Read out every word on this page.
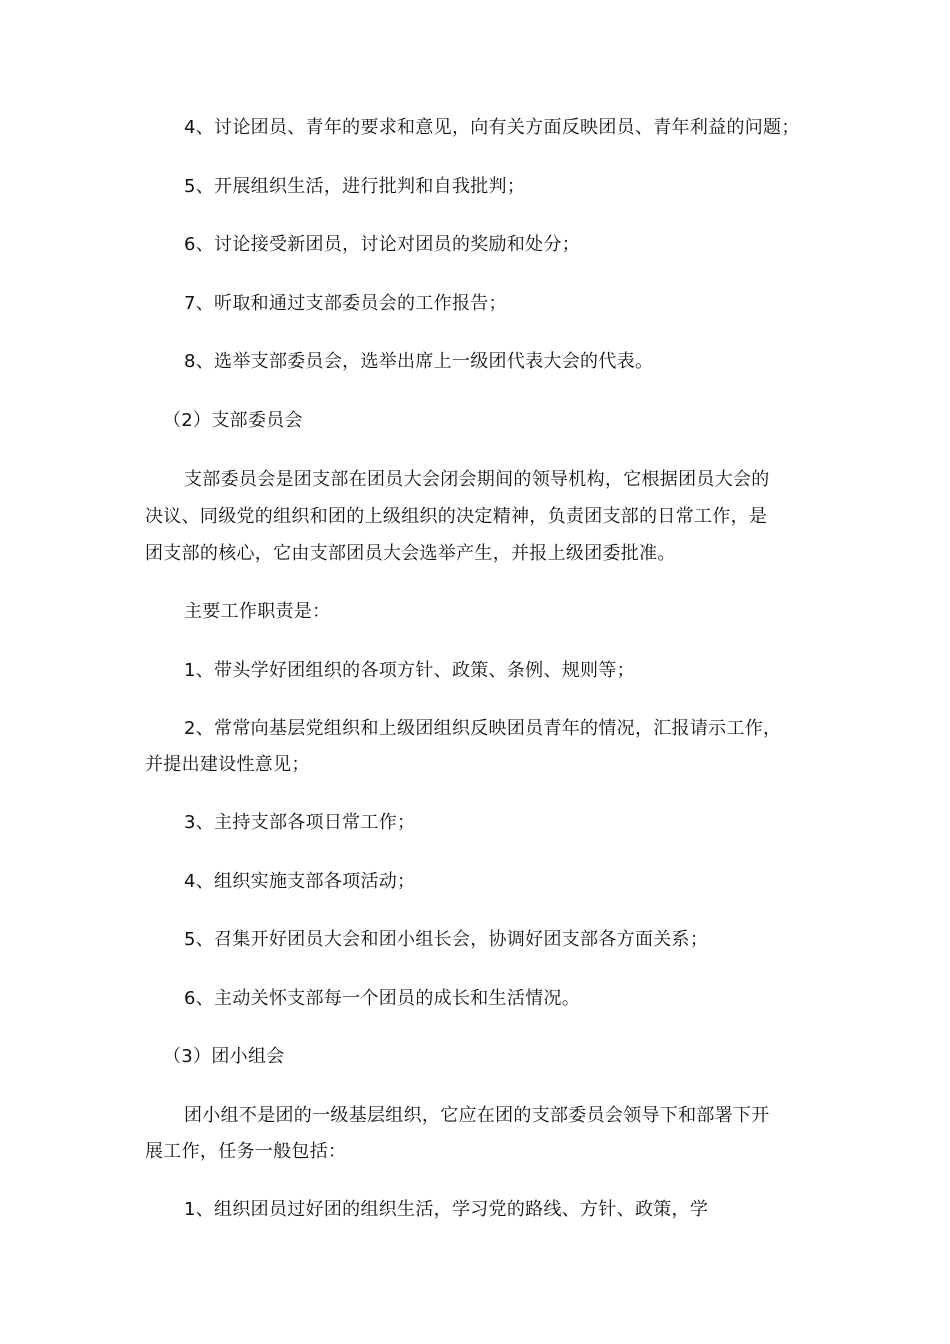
4、讨论团员、青年的要求和意见，向有关方面反映团员、青年利益的问题；
5、开展组织生活，进行批判和自我批判；
6、讨论接受新团员，讨论对团员的奖励和处分；
7、听取和通过支部委员会的工作报告；
8、选举支部委员会，选举出席上一级团代表大会的代表。
（2）支部委员会
支部委员会是团支部在团员大会闭会期间的领导机构，它根据团员大会的
决议、同级党的组织和团的上级组织的决定精神，负责团支部的日常工作，是
团支部的核心，它由支部团员大会选举产生，并报上级团委批准。
主要工作职责是：
1、带头学好团组织的各项方针、政策、条例、规则等；
2、常常向基层党组织和上级团组织反映团员青年的情况，汇报请示工作，
并提出建设性意见；
3、主持支部各项日常工作；
4、组织实施支部各项活动；
5、召集开好团员大会和团小组长会，协调好团支部各方面关系；
6、主动关怀支部每一个团员的成长和生活情况。
（3）团小组会
团小组不是团的一级基层组织，它应在团的支部委员会领导下和部署下开
展工作，任务一般包括：
1、组织团员过好团的组织生活，学习党的路线、方针、政策，学
